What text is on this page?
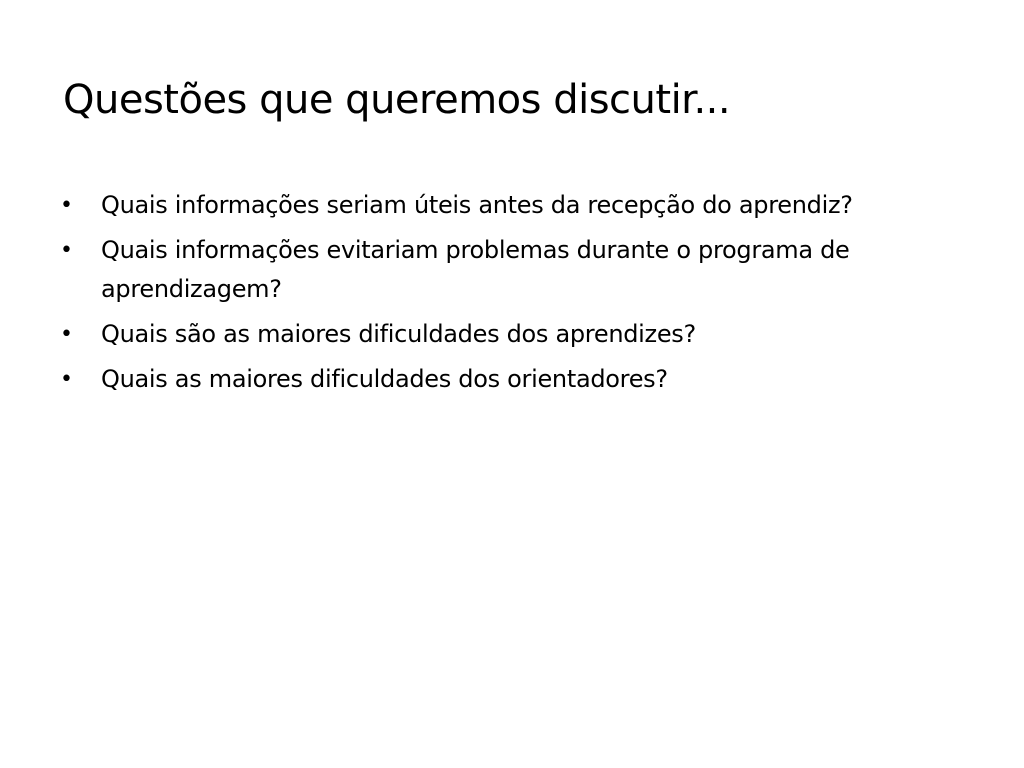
Questões que queremos discutir...
• Quais informações seriam úteis antes da recepção do aprendiz?
• Quais informações evitariam problemas durante o programa de aprendizagem?
• Quais são as maiores dificuldades dos aprendizes?
• Quais as maiores dificuldades dos orientadores?
